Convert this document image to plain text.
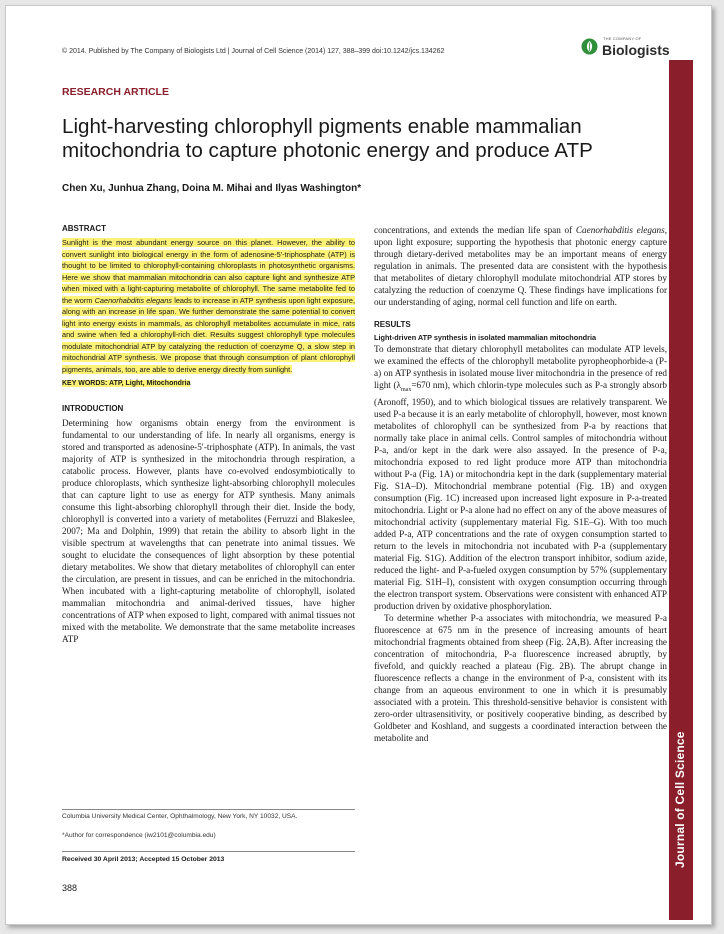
© 2014. Published by The Company of Biologists Ltd | Journal of Cell Science (2014) 127, 388–399 doi:10.1242/jcs.134262	Biologists
THE COMPANY OF
Journal of Cell Science
RESEARCH ARTICLE
Light-harvesting chlorophyll pigments enable mammalian mitochondria to capture photonic energy and produce ATP
Chen Xu, Junhua Zhang, Doina M. Mihai and Ilyas Washington*
ABSTRACT

Sunlight is the most abundant energy source on this planet. However, the ability to convert sunlight into biological energy in the form of adenosine-5′-triphosphate (ATP) is thought to be limited to chlorophyll-containing chloroplasts in photosynthetic organisms. Here we show that mammalian mitochondria can also capture light and synthesize ATP when mixed with a light-capturing metabolite of chlorophyll. The same metabolite fed to the worm Caenorhabditis elegans leads to increase in ATP synthesis upon light exposure, along with an increase in life span. We further demonstrate the same potential to convert light into energy exists in mammals, as chlorophyll metabolites accumulate in mice, rats and swine when fed a chlorophyll-rich diet. Results suggest chlorophyll type molecules modulate mitochondrial ATP by catalyzing the reduction of coenzyme Q, a slow step in mitochondrial ATP synthesis. We propose that through consumption of plant chlorophyll pigments, animals, too, are able to derive energy directly from sunlight.

KEY WORDS: ATP, Light, Mitochondria
INTRODUCTION

Determining how organisms obtain energy from the environment is fundamental to our understanding of life. In nearly all organisms, energy is stored and transported as adenosine-5′-triphosphate (ATP). In animals, the vast majority of ATP is synthesized in the mitochondria through respiration, a catabolic process. However, plants have co-evolved endosymbiotically to produce chloroplasts, which synthesize light-absorbing chlorophyll molecules that can capture light to use as energy for ATP synthesis. Many animals consume this light-absorbing chlorophyll through their diet. Inside the body, chlorophyll is converted into a variety of metabolites (Ferruzzi and Blakeslee, 2007; Ma and Dolphin, 1999) that retain the ability to absorb light in the visible spectrum at wavelengths that can penetrate into animal tissues. We sought to elucidate the consequences of light absorption by these potential dietary metabolites. We show that dietary metabolites of chlorophyll can enter the circulation, are present in tissues, and can be enriched in the mitochondria. When incubated with a light-capturing metabolite of chlorophyll, isolated mammalian mitochondria and animal-derived tissues, have higher concentrations of ATP when exposed to light, compared with animal tissues not mixed with the metabolite. We demonstrate that the same metabolite increases ATP

concentrations, and extends the median life span of Caenorhabditis elegans, upon light exposure; supporting the hypothesis that photonic energy capture through dietary-derived metabolites may be an important means of energy regulation in animals. The presented data are consistent with the hypothesis that metabolites of dietary chlorophyll modulate mitochondrial ATP stores by catalyzing the reduction of coenzyme Q. These findings have implications for our understanding of aging, normal cell function and life on earth.

RESULTS
Light-driven ATP synthesis in isolated mammalian mitochondria

To demonstrate that dietary chlorophyll metabolites can modulate ATP levels, we examined the effects of the chlorophyll metabolite pyropheophorbide-a (P-a) on ATP synthesis in isolated mouse liver mitochondria in the presence of red light ($\lambda_{max}=670$ nm), which chlorin-type molecules such as P-a strongly absorb (Aronoff, 1950), and to which biological tissues are relatively transparent. We used P-a because it is an early metabolite of chlorophyll, however, most known metabolites of chlorophyll can be synthesized from P-a by reactions that normally take place in animal cells. Control samples of mitochondria without P-a, and/or kept in the dark were also assayed. In the presence of P-a, mitochondria exposed to red light produce more ATP than mitochondria without P-a (Fig. 1A) or mitochondria kept in the dark (supplementary material Fig. S1A–D). Mitochondrial membrane potential (Fig. 1B) and oxygen consumption (Fig. 1C) increased upon increased light exposure in P-a-treated mitochondria. Light or P-a alone had no effect on any of the above measures of mitochondrial activity (supplementary material Fig. S1E–G). With too much added P-a, ATP concentrations and the rate of oxygen consumption started to return to the levels in mitochondria not incubated with P-a (supplementary material Fig. S1G). Addition of the electron transport inhibitor, sodium azide, reduced the light- and P-a-fueled oxygen consumption by 57% (supplementary material Fig. S1H–I), consistent with oxygen consumption occurring through the electron transport system. Observations were consistent with enhanced ATP production driven by oxidative phosphorylation.

To determine whether P-a associates with mitochondria, we measured P-a fluorescence at 675 nm in the presence of increasing amounts of heart mitochondrial fragments obtained from sheep (Fig. 2A,B). After increasing the concentration of mitochondria, P-a fluorescence increased abruptly, by fivefold, and quickly reached a plateau (Fig. 2B). The abrupt change in fluorescence reflects a change in the environment of P-a, consistent with its change from an aqueous environment to one in which it is presumably associated with a protein. This threshold-sensitive behavior is consistent with zero-order ultrasensitivity, or positively cooperative binding, as described by Goldbeter and Koshland, and suggests a coordinated interaction between the metabolite and

Columbia University Medical Center, Ophthalmology, New York, NY 10032, USA.
*Author for correspondence (iw2101@columbia.edu)
Received 30 April 2013; Accepted 15 October 2013
388
